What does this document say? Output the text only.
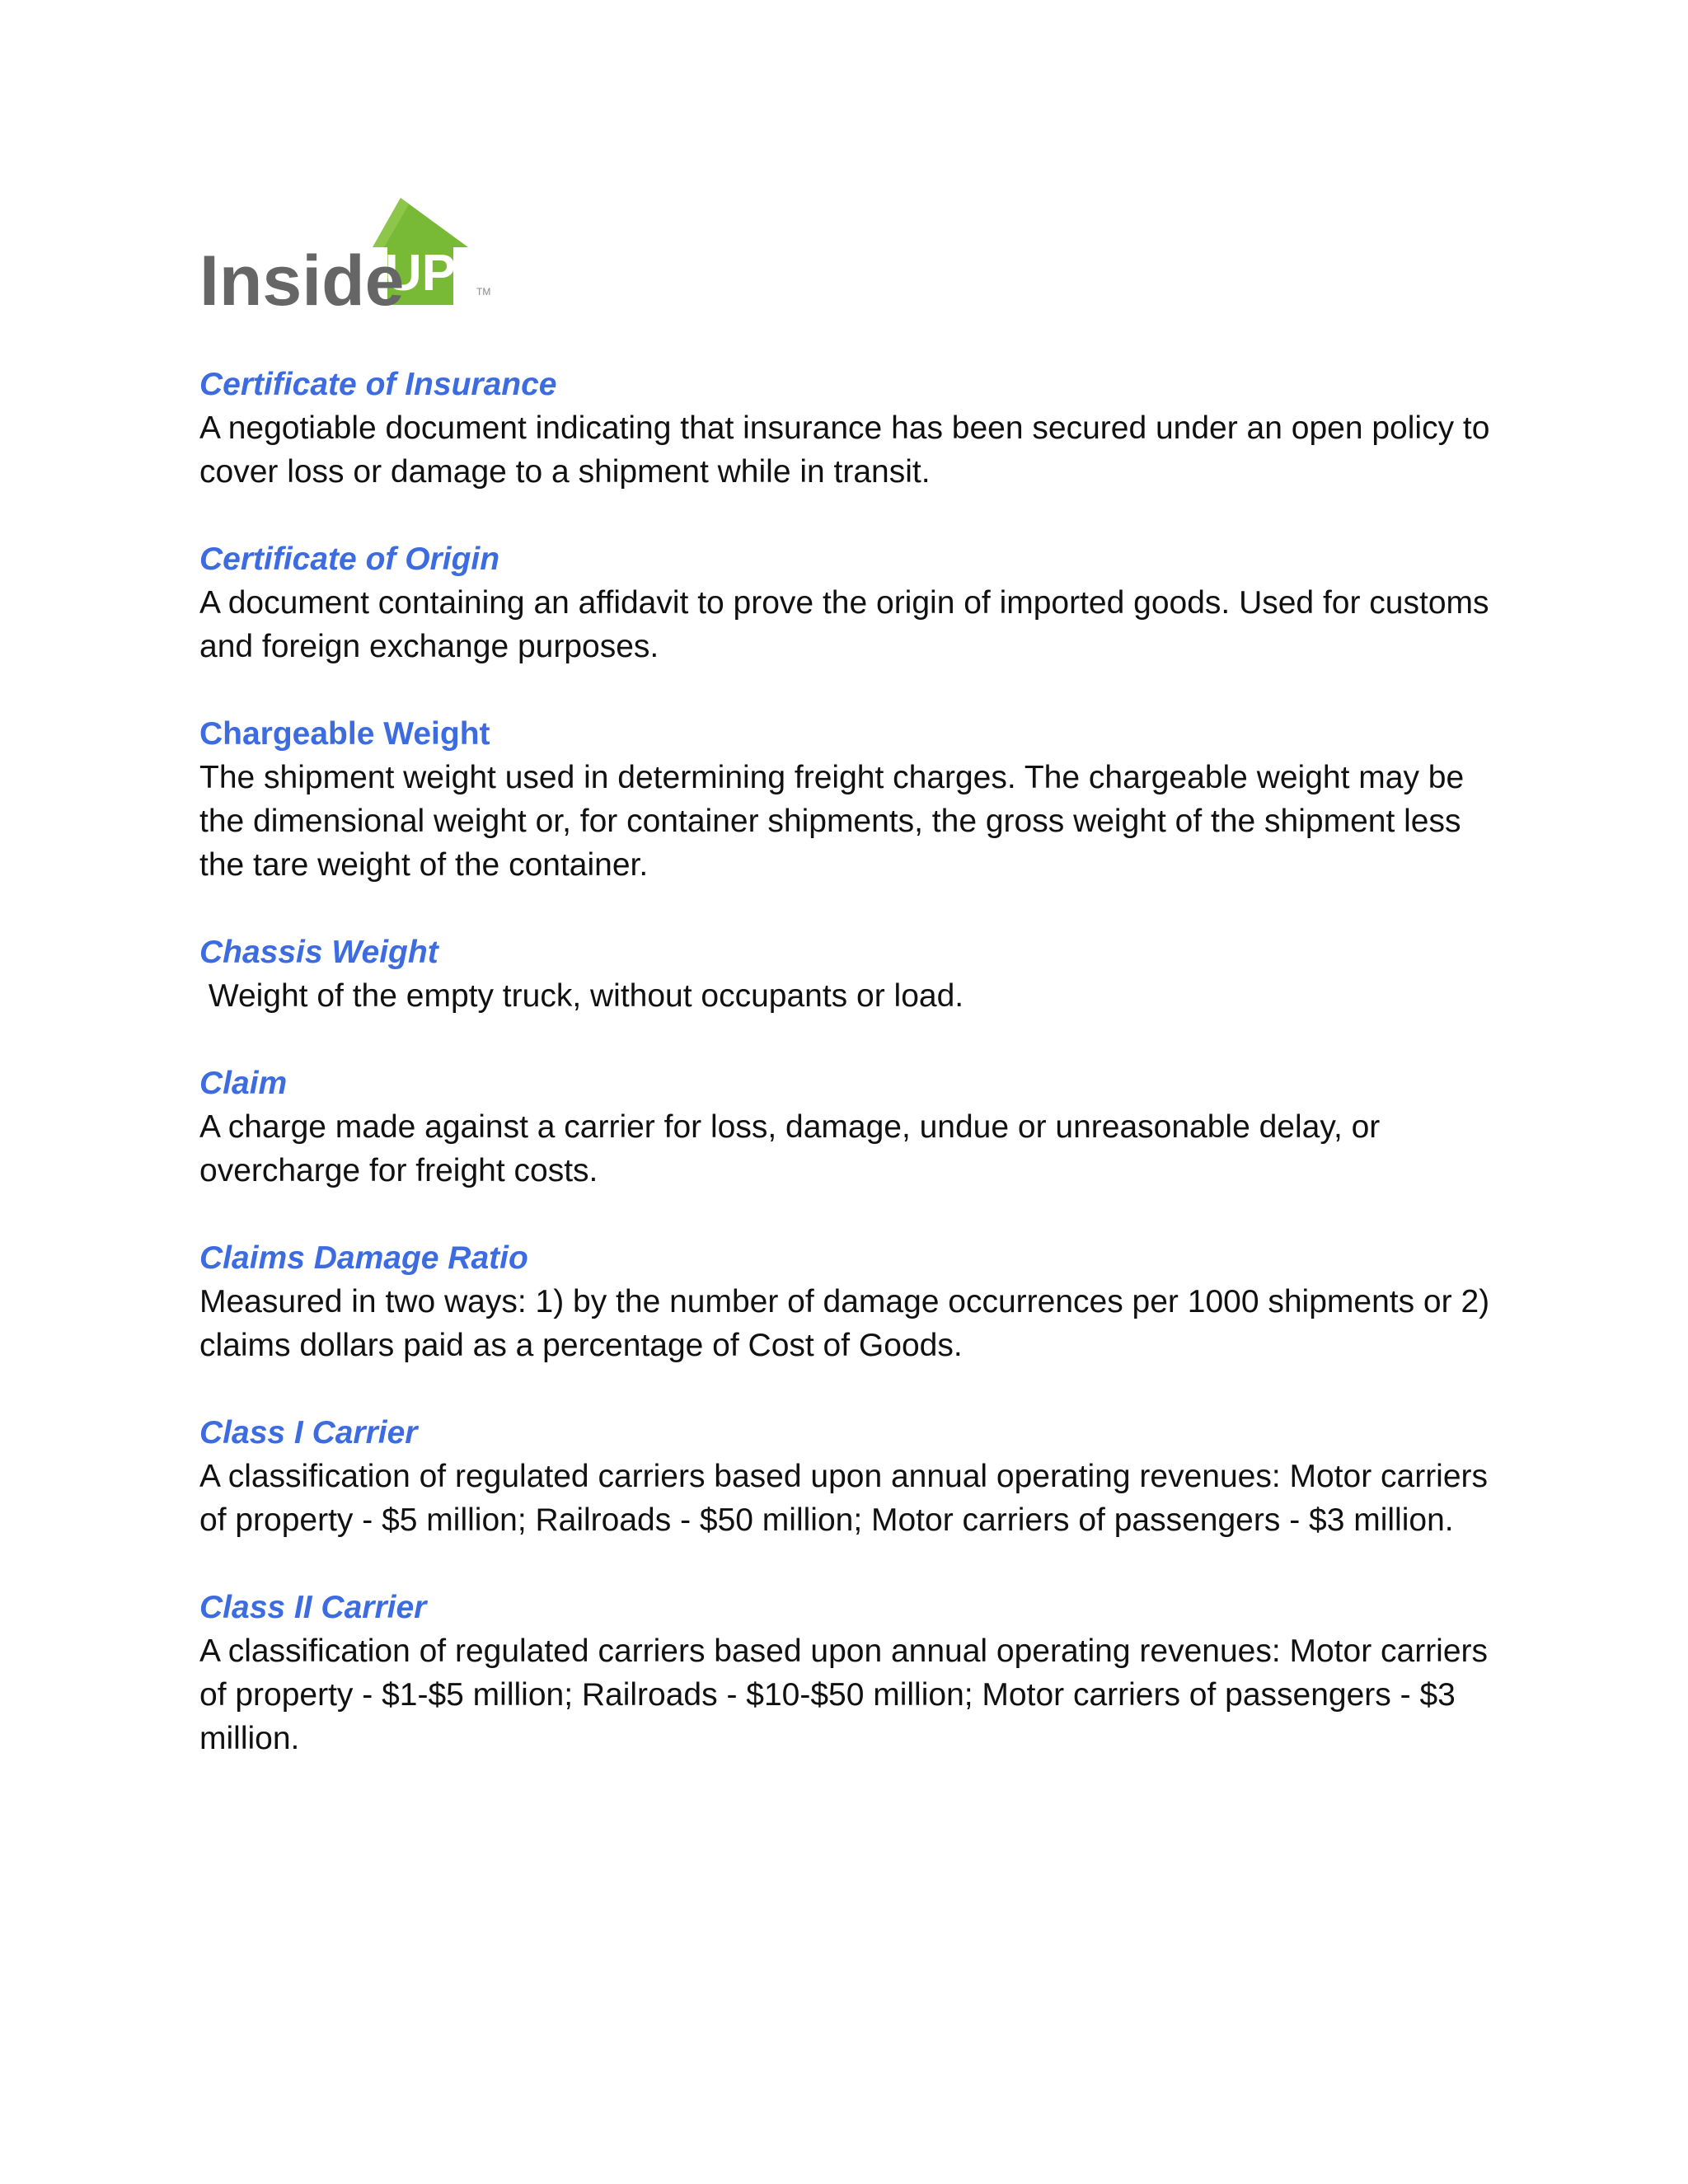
UP
Inside	TM

Certificate of Insurance

A negotiable document indicating that insurance has been secured under an open policy to cover loss or damage to a shipment while in transit.

Certificate of Origin

A document containing an affidavit to prove the origin of imported goods. Used for customs and foreign exchange purposes.

Chargeable Weight

The shipment weight used in determining freight charges. The chargeable weight may be the dimensional weight or, for container shipments, the gross weight of the shipment less the tare weight of the container.

Chassis Weight

Weight of the empty truck, without occupants or load.

Claim

A charge made against a carrier for loss, damage, undue or unreasonable delay, or overcharge for freight costs.

Claims Damage Ratio

Measured in two ways: 1) by the number of damage occurrences per 1000 shipments or 2) claims dollars paid as a percentage of Cost of Goods.

Class I Carrier

A classification of regulated carriers based upon annual operating revenues: Motor carriers of property - $5 million; Railroads - $50 million; Motor carriers of passengers - $3 million.

Class II Carrier

A classification of regulated carriers based upon annual operating revenues: Motor carriers of property - $1-$5 million; Railroads - $10-$50 million; Motor carriers of passengers - $3 million.
